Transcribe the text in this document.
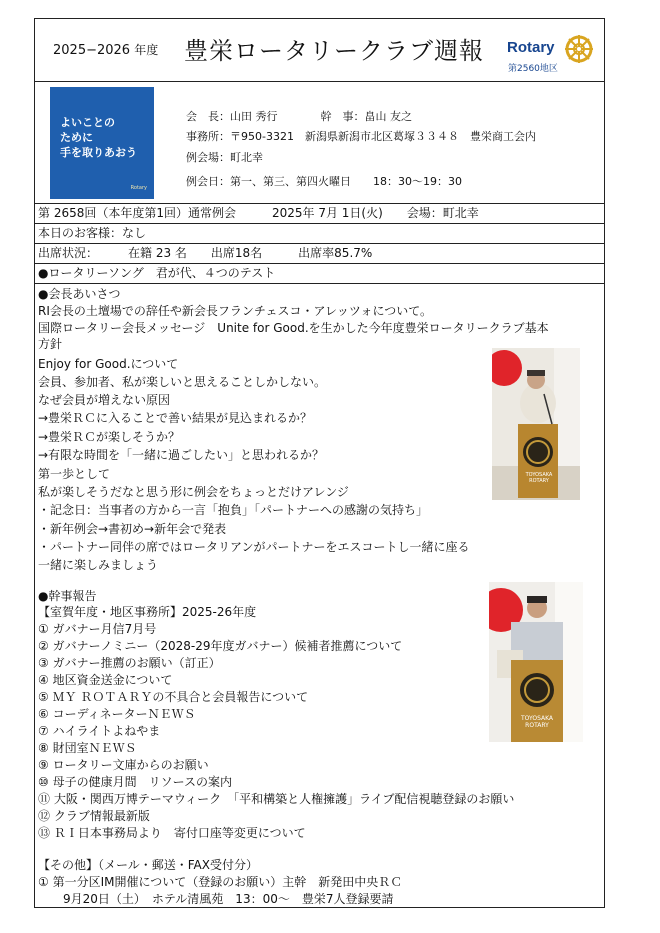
2025−2026 年度 豊栄ロータリークラブ週報 Rotary
第2560地区
よいことの
ために
手を取りあおう
Rotary
会　長：山田 秀行	幹　事：畠山 友之
事務所：〒950-3321　新潟県新潟市北区葛塚３３４８　豊栄商工会内
例会場：町北幸
例会日：第一、第三、第四火曜日　　18：30〜19：30
第 2658回（本年度第1回）通常例会　　　2025年 7月 1日(火)　　会場：町北幸
本日のお客様：なし
出席状況：　　　在籍 23 名　　出席18名　　　出席率85.7%
●ロータリーソング　君が代、４つのテスト
●会長あいさつ
RI会長の土壇場での辞任や新会長フランチェスコ・アレッツォについて。
国際ロータリー会長メッセージ　Unite for Good.を生かした今年度豊栄ロータリークラブ基本
方針
Enjoy for Good.について
会員、参加者、私が楽しいと思えることしかしない。
なぜ会員が増えない原因
→豊栄ＲＣに入ることで善い結果が見込まれるか？
→豊栄ＲＣが楽しそうか？
→有限な時間を「一緒に過ごしたい」と思われるか？
第一歩として
私が楽しそうだなと思う形に例会をちょっとだけアレンジ
・記念日：当事者の方から一言「抱負」「パートナーへの感謝の気持ち」
・新年例会→書初め→新年会で発表
・パートナー同伴の席ではロータリアンがパートナーをエスコートし一緒に座る
一緒に楽しみましょう
●幹事報告
【室賀年度・地区事務所】2025-26年度
① ガバナー月信7月号
② ガバナーノミニー（2028-29年度ガバナー）候補者推薦について
③ ガバナー推薦のお願い（訂正）
④ 地区資金送金について
⑤ ＭＹ ＲＯＴＡＲＹの不具合と会員報告について
⑥ コーディネーターＮＥＷＳ
⑦ ハイライトよねやま
⑧ 財団室ＮＥＷＳ
⑨ ロータリー文庫からのお願い
⑩ 母子の健康月間　リソースの案内
⑪ 大阪・関西万博テーマウィーク　「平和構築と人権擁護」ライブ配信視聴登録のお願い
⑫ クラブ情報最新版
⑬ ＲＩ日本事務局より　寄付口座等変更について
【その他】（メール・郵送・FAX受付分）
① 第一分区IM開催について（登録のお願い）主幹　新発田中央ＲＣ
9月20日（土）　ホテル清風苑　13：00〜　豊栄7人登録要請
TOYOSAKA ROTARY
TOYOSAKA ROTARY
